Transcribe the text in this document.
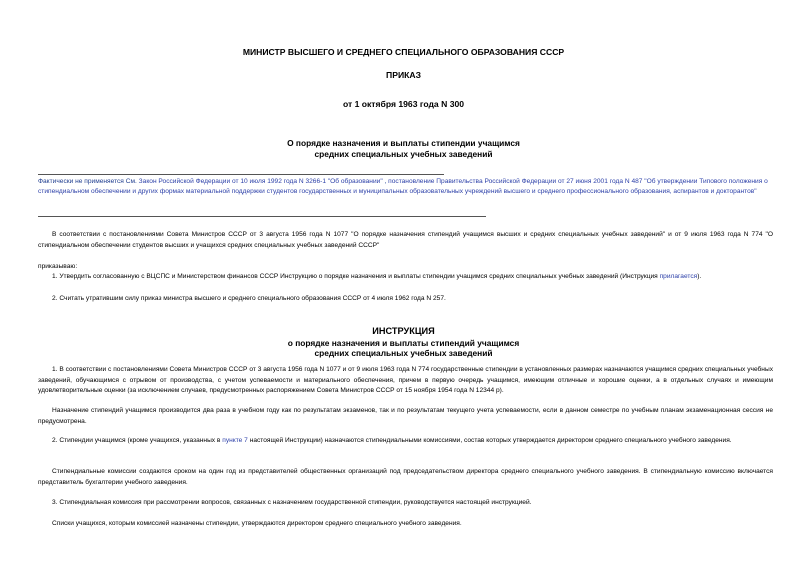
МИНИСТР ВЫСШЕГО И СРЕДНЕГО СПЕЦИАЛЬНОГО ОБРАЗОВАНИЯ СССР
ПРИКАЗ
от 1 октября 1963 года N 300
О порядке назначения и выплаты стипендии учащимся
средних специальных учебных заведений
Фактически не применяется См. Закон Российской Федерации от 10 июля 1992 года N 3266-1 "Об образовании" , постановление Правительства Российской Федерации от 27 июня 2001 года N 487 "Об утверждении Типового положения о стипендиальном обеспечении и других формах материальной поддержки студентов государственных и муниципальных образовательных учреждений высшего и среднего профессионального образования, аспирантов и докторантов"
В соответствии с постановлениями Совета Министров СССР от 3 августа 1956 года N 1077 "О порядке назначения стипендий учащимся высших и средних специальных учебных заведений" и от 9 июля 1963 года N 774 "О стипендиальном обеспечении студентов высших и учащихся средних специальных учебных заведений СССР"
приказываю:
1. Утвердить согласованную с ВЦСПС и Министерством финансов СССР Инструкцию о порядке назначения и выплаты стипендии учащимся средних специальных учебных заведений (Инструкция прилагается).
2. Считать утратившим силу приказ министра высшего и среднего специального образования СССР от 4 июля 1962 года N 257.
ИНСТРУКЦИЯ
о порядке назначения и выплаты стипендий учащимся
средних специальных учебных заведений
1. В соответствии с постановлениями Совета Министров СССР от 3 августа 1956 года N 1077 и от 9 июля 1963 года N 774 государственные стипендии в установленных размерах назначаются учащимся средних специальных учебных заведений, обучающимся с отрывом от производства, с учетом успеваемости и материального обеспечения, причем в первую очередь учащимся, имеющим отличные и хорошие оценки, а в отдельных случаях и имеющим удовлетворительные оценки (за исключением случаев, предусмотренных распоряжением Совета Министров СССР от 15 ноября 1954 года N 12344 р).
Назначение стипендий учащимся производится два раза в учебном году как по результатам экзаменов, так и по результатам текущего учета успеваемости, если в данном семестре по учебным планам экзаменационная сессия не предусмотрена.
2. Стипендии учащимся (кроме учащихся, указанных в пункте 7 настоящей Инструкции) назначаются стипендиальными комиссиями, состав которых утверждается директором среднего специального учебного заведения.
Стипендиальные комиссии создаются сроком на один год из представителей общественных организаций под председательством директора среднего специального учебного заведения. В стипендиальную комиссию включается представитель бухгалтерии учебного заведения.
3. Стипендиальная комиссия при рассмотрении вопросов, связанных с назначением государственной стипендии, руководствуется настоящей инструкцией.
Списки учащихся, которым комиссией назначены стипендии, утверждаются директором среднего специального учебного заведения.
